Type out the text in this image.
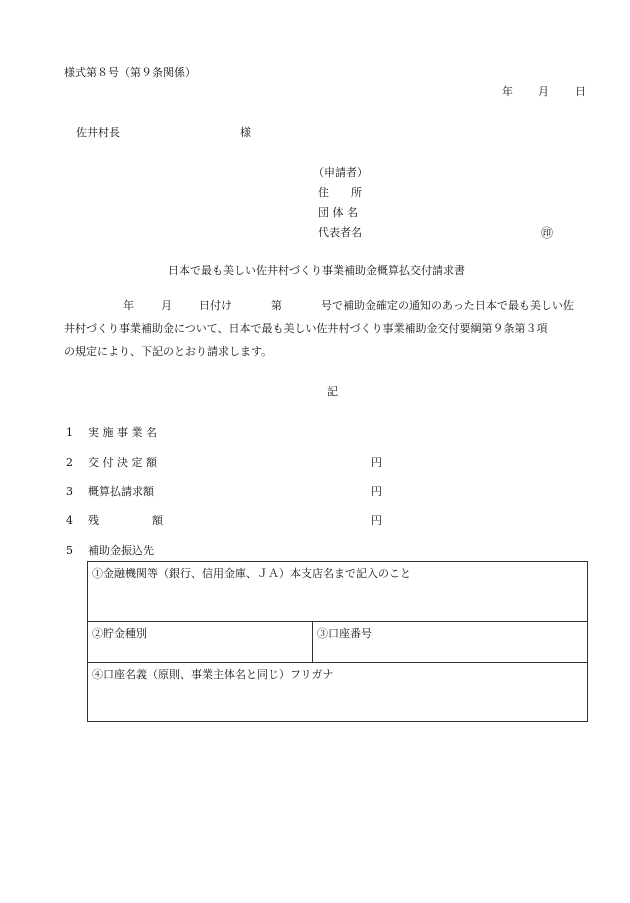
様式第８号（第９条関係）
年 月 日
佐井村長	様
（申請者）
住　　所
団 体 名
代表者名	㊞
日本で最も美しい佐井村づくり事業補助金概算払交付請求書
年 月 日付け	第	号で補助金確定の通知のあった日本で最も美しい佐
井村づくり事業補助金について、日本で最も美しい佐井村づくり事業補助金交付要綱第９条第３項
の規定により、下記のとおり請求します。
記
1 実 施 事 業 名
2 交 付 決 定 額	円
3 概算払請求額	円
4 残	額	円
5 補助金振込先
①金融機関等（銀行、信用金庫、ＪＡ）本支店名まで記入のこと
②貯金種別	③口座番号
④口座名義（原則、事業主体名と同じ）フリガナ
